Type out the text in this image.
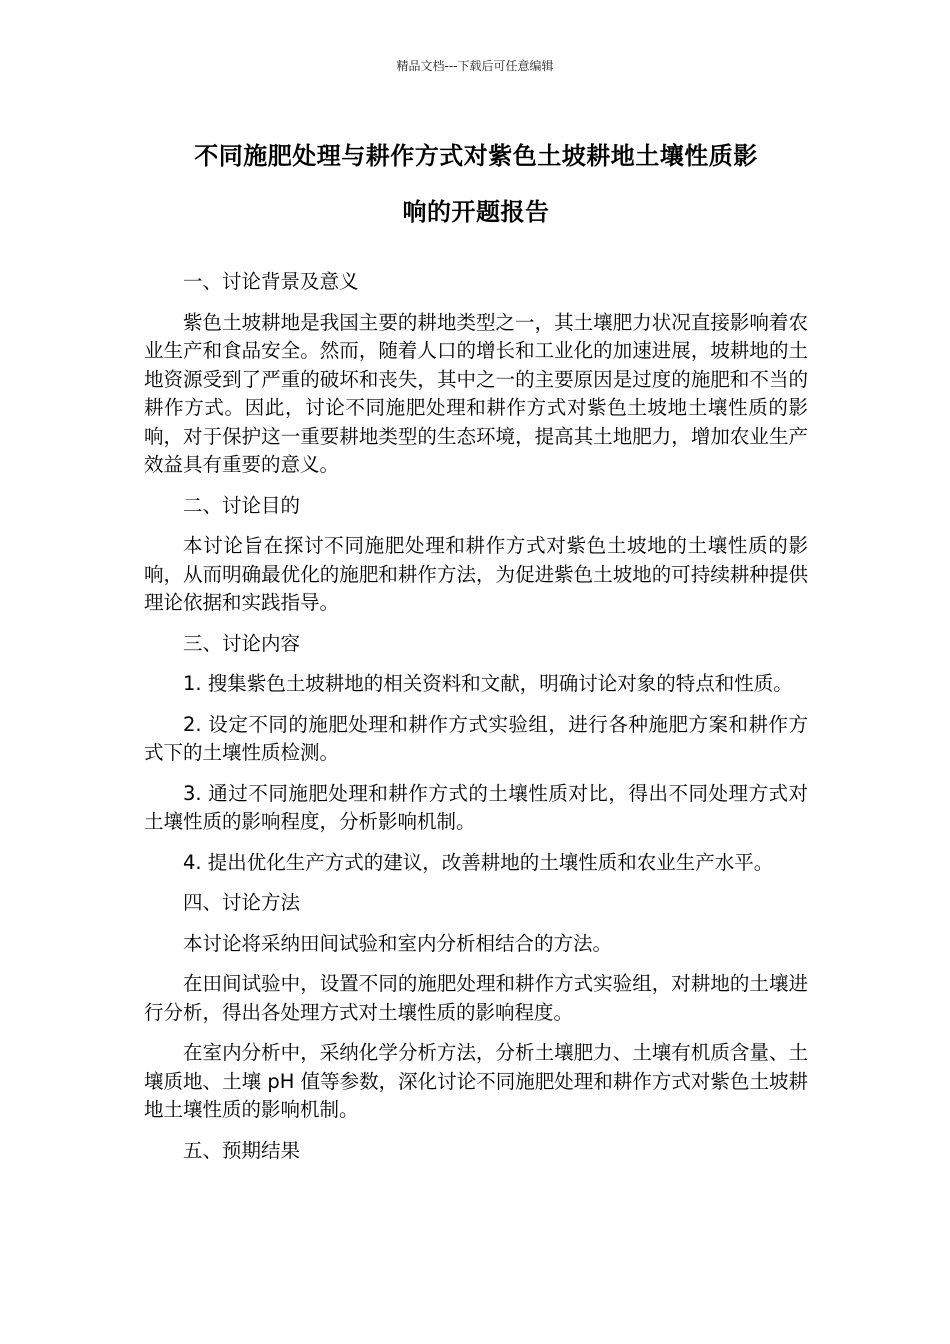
精品文档---下载后可任意编辑
不同施肥处理与耕作方式对紫色土坡耕地土壤性质影
响的开题报告
一、讨论背景及意义

紫色土坡耕地是我国主要的耕地类型之一，其土壤肥力状况直接影响着农业生产和食品安全。然而，随着人口的增长和工业化的加速进展，坡耕地的土地资源受到了严重的破坏和丧失，其中之一的主要原因是过度的施肥和不当的耕作方式。因此，讨论不同施肥处理和耕作方式对紫色土坡地土壤性质的影响，对于保护这一重要耕地类型的生态环境，提高其土地肥力，增加农业生产效益具有重要的意义。

二、讨论目的

本讨论旨在探讨不同施肥处理和耕作方式对紫色土坡地的土壤性质的影响，从而明确最优化的施肥和耕作方法，为促进紫色土坡地的可持续耕种提供理论依据和实践指导。

三、讨论内容

1. 搜集紫色土坡耕地的相关资料和文献，明确讨论对象的特点和性质。

2. 设定不同的施肥处理和耕作方式实验组，进行各种施肥方案和耕作方式下的土壤性质检测。

3. 通过不同施肥处理和耕作方式的土壤性质对比，得出不同处理方式对土壤性质的影响程度，分析影响机制。

4. 提出优化生产方式的建议，改善耕地的土壤性质和农业生产水平。

四、讨论方法

本讨论将采纳田间试验和室内分析相结合的方法。

在田间试验中，设置不同的施肥处理和耕作方式实验组，对耕地的土壤进行分析，得出各处理方式对土壤性质的影响程度。

在室内分析中，采纳化学分析方法，分析土壤肥力、土壤有机质含量、土壤质地、土壤 pH 值等参数，深化讨论不同施肥处理和耕作方式对紫色土坡耕地土壤性质的影响机制。

五、预期结果
